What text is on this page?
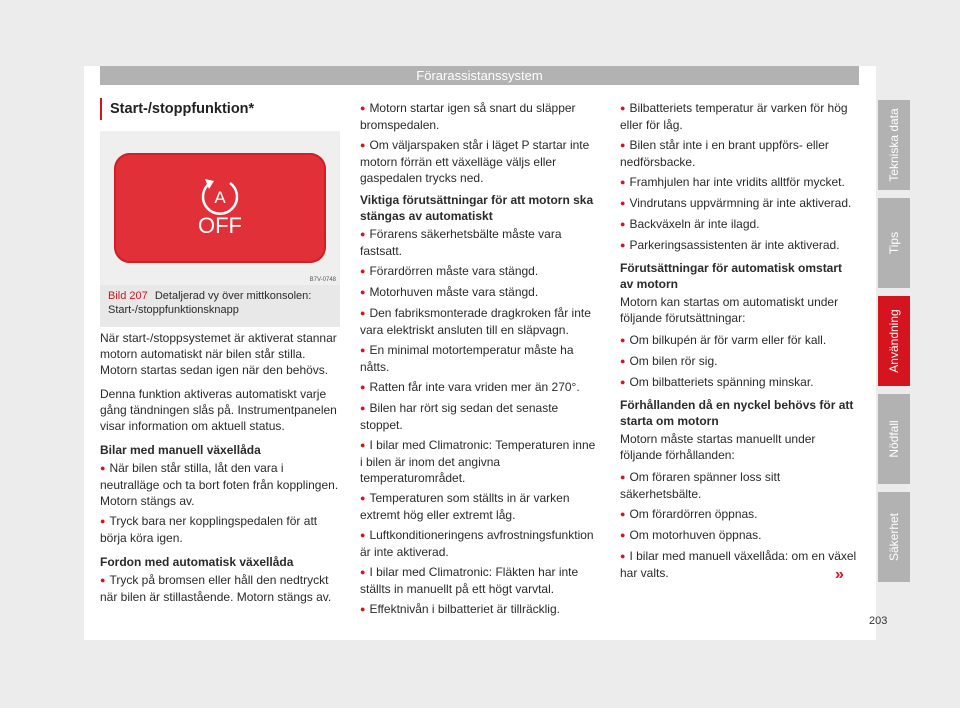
Förarassistanssystem
Start-/stoppfunktion*
A
OFF
B7V-0748
Bild 207 Detaljerad vy över mittkonsolen: Start-/stoppfunktionsknapp

När start-/stoppsystemet är aktiverat stannar motorn automatiskt när bilen står stilla. Motorn startas sedan igen när den behövs.

Denna funktion aktiveras automatiskt varje gång tändningen slås på. Instrumentpanelen visar information om aktuell status.

Bilar med manuell växellåda

● När bilen står stilla, låt den vara i neutralläge och ta bort foten från kopplingen. Motorn stängs av.

● Tryck bara ner kopplingspedalen för att börja köra igen.

Fordon med automatisk växellåda

● Tryck på bromsen eller håll den nedtryckt när bilen är stillastående. Motorn stängs av.

● Motorn startar igen så snart du släpper bromspedalen.

● Om väljarspaken står i läget P startar inte motorn förrän ett växelläge väljs eller gaspedalen trycks ned.

Viktiga förutsättningar för att motorn ska stängas av automatiskt

● Förarens säkerhetsbälte måste vara fastsatt.

● Förardörren måste vara stängd.

● Motorhuven måste vara stängd.

● Den fabriksmonterade dragkroken får inte vara elektriskt ansluten till en släpvagn.

● En minimal motortemperatur måste ha nåtts.

● Ratten får inte vara vriden mer än 270°.

● Bilen har rört sig sedan det senaste stoppet.

● I bilar med Climatronic: Temperaturen inne i bilen är inom det angivna temperaturområdet.

● Temperaturen som ställts in är varken extremt hög eller extremt låg.

● Luftkonditioneringens avfrostningsfunktion är inte aktiverad.

● I bilar med Climatronic: Fläkten har inte ställts in manuellt på ett högt varvtal.

● Effektnivån i bilbatteriet är tillräcklig.

● Bilbatteriets temperatur är varken för hög eller för låg.

● Bilen står inte i en brant uppförs- eller nedförsbacke.

● Framhjulen har inte vridits alltför mycket.

● Vindrutans uppvärmning är inte aktiverad.

● Backväxeln är inte ilagd.

● Parkeringsassistenten är inte aktiverad.

Förutsättningar för automatisk omstart av motorn

Motorn kan startas om automatiskt under följande förutsättningar:

● Om bilkupén är för varm eller för kall.

● Om bilen rör sig.

● Om bilbatteriets spänning minskar.

Förhållanden då en nyckel behövs för att starta om motorn

Motorn måste startas manuellt under följande förhållanden:

● Om föraren spänner loss sitt säkerhetsbälte.

● Om förardörren öppnas.

● Om motorhuven öppnas.

● I bilar med manuell växellåda: om en växel har valts.	»
Tekniska data
Tips
Användning
Nödfall
Säkerhet
203
